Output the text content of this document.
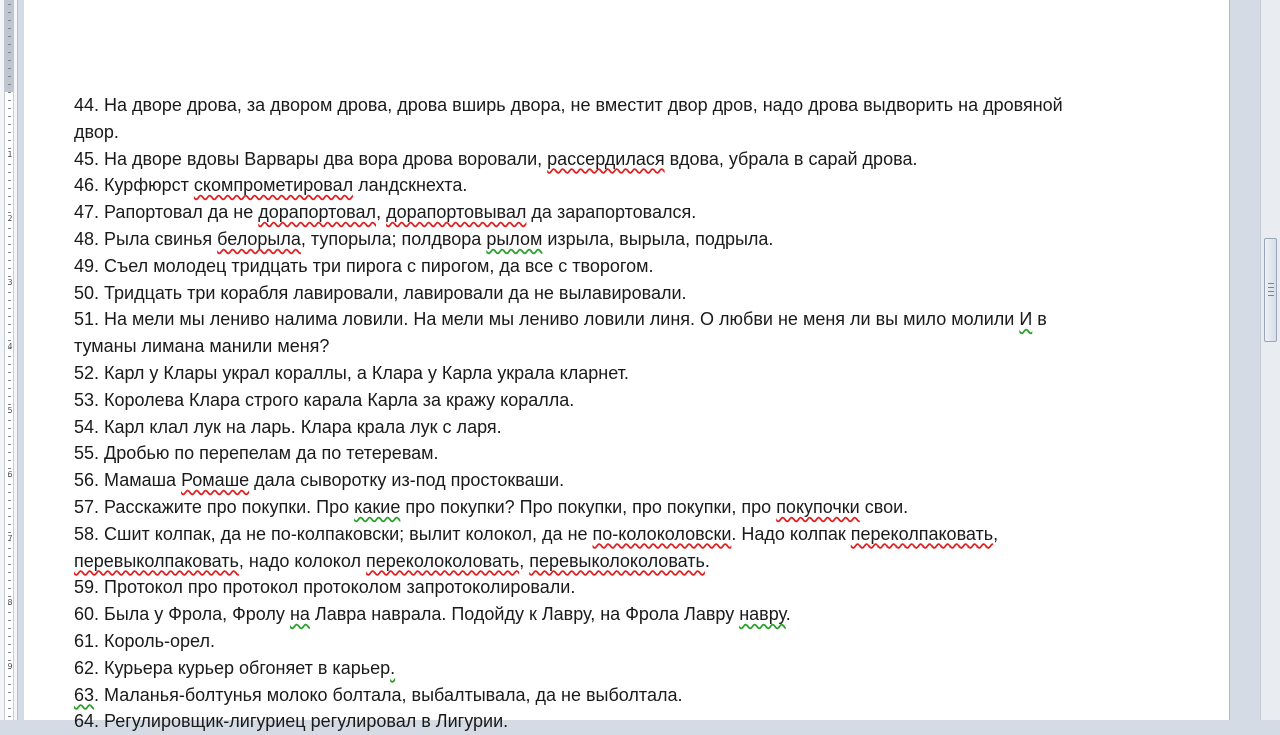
1
2
3
4
5
6
7
8
9
44. На дворе дрова, за двором дрова, дрова вширь двора, не вместит двор дров, надо дрова выдворить на дровяной
двор.
45. На дворе вдовы Варвары два вора дрова воровали, рассердилася вдова, убрала в сарай дрова.
46. Курфюрст скомпрометировал ландскнехта.
47. Рапортовал да не дорапортовал, дорапортовывал да зарапортовался.
48. Рыла свинья белорыла, тупорыла; полдвора рылом изрыла, вырыла, подрыла.
49. Съел молодец тридцать три пирога с пирогом, да все с творогом.
50. Тридцать три корабля лавировали, лавировали да не вылавировали.
51. На мели мы лениво налима ловили. На мели мы лениво ловили линя. О любви не меня ли вы мило молили И в
туманы лимана манили меня?
52. Карл у Клары украл кораллы, а Клара у Карла украла кларнет.
53. Королева Клара строго карала Карла за кражу коралла.
54. Карл клал лук на ларь. Клара крала лук с ларя.
55. Дробью по перепелам да по тетеревам.
56. Мамаша Ромаше дала сыворотку из-под простокваши.
57. Расскажите про покупки. Про какие про покупки? Про покупки, про покупки, про покупочки свои.
58. Сшит колпак, да не по-колпаковски; вылит колокол, да не по-колоколовски. Надо колпак переколпаковать,
перевыколпаковать, надо колокол переколоколовать, перевыколоколовать.
59. Протокол про протокол протоколом запротоколировали.
60. Была у Фрола, Фролу на Лавра наврала. Подойду к Лавру, на Фрола Лавру навру.
61. Король-орел.
62. Курьера курьер обгоняет в карьер.
63. Маланья-болтунья молоко болтала, выбалтывала, да не выболтала.
64. Регулировщик-лигуриец регулировал в Лигурии.
